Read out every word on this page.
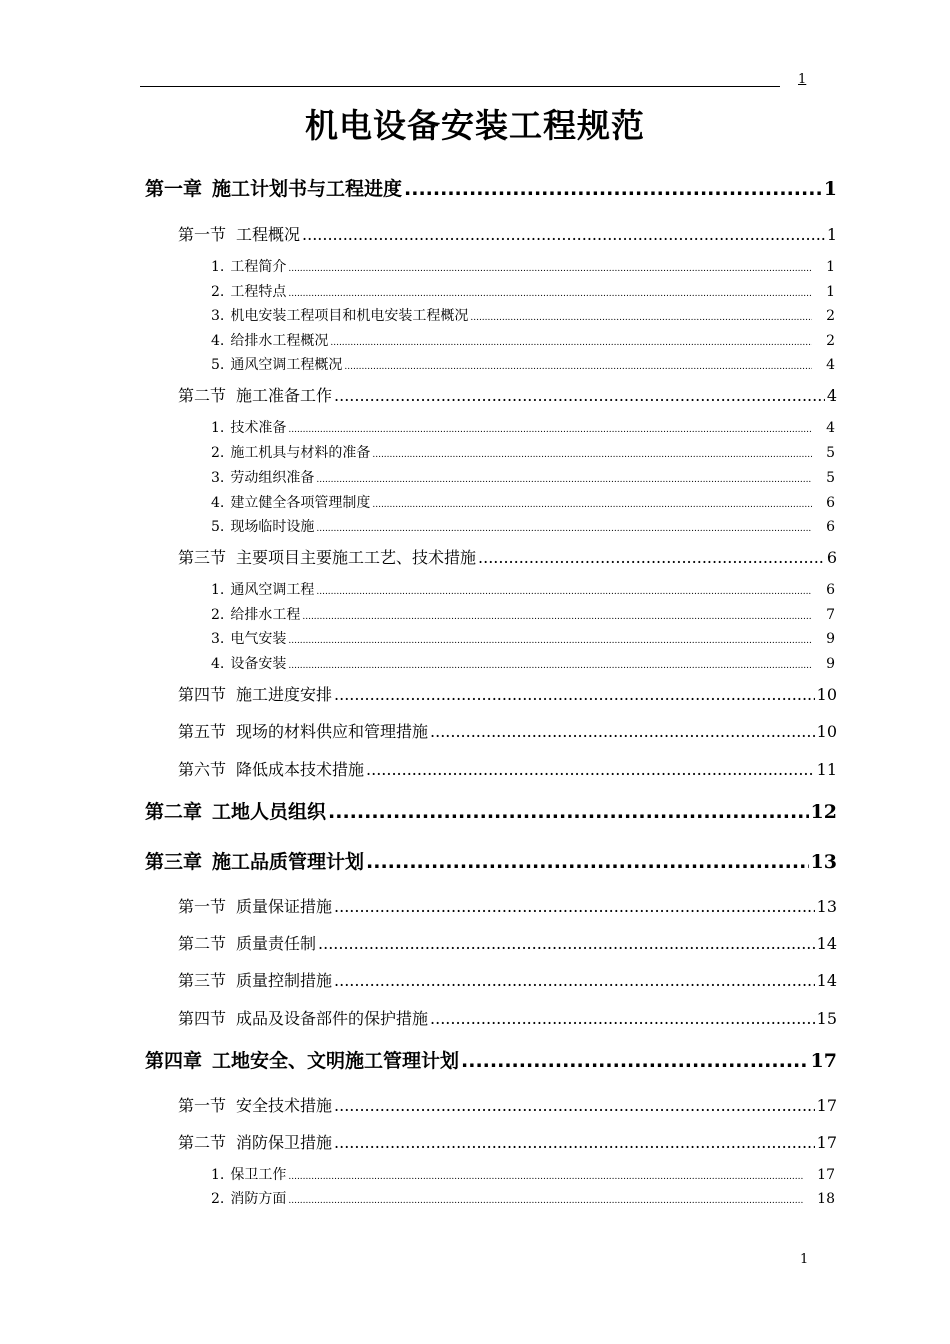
1
机电设备安装工程规范
第一章 施工计划书与工程进度 .....	1
第一节 工程概况 .....	1
1. 工程简介 .....	1
2. 工程特点 .....	1
3. 机电安装工程项目和机电安装工程概况 .....	2
4. 给排水工程概况 .....	2
5. 通风空调工程概况 .....	4
第二节 施工准备工作 .....	4
1. 技术准备 .....	4
2. 施工机具与材料的准备 .....	5
3. 劳动组织准备 .....	5
4. 建立健全各项管理制度 .....	6
5. 现场临时设施 .....	6
第三节 主要项目主要施工工艺、技术措施 .....	6
1. 通风空调工程 .....	6
2. 给排水工程 .....	7
3. 电气安装 .....	9
4. 设备安装 .....	9
第四节 施工进度安排 .....	10
第五节 现场的材料供应和管理措施 .....	10
第六节 降低成本技术措施 .....	11
第二章 工地人员组织 .....	12
第三章 施工品质管理计划 .....	13
第一节 质量保证措施 .....	13
第二节 质量责任制 .....	14
第三节 质量控制措施 .....	14
第四节 成品及设备部件的保护措施 .....	15
第四章 工地安全、文明施工管理计划 .....	17
第一节 安全技术措施 .....	17
第二节 消防保卫措施 .....	17
1. 保卫工作 .....	17
2. 消防方面 .....	18
1
